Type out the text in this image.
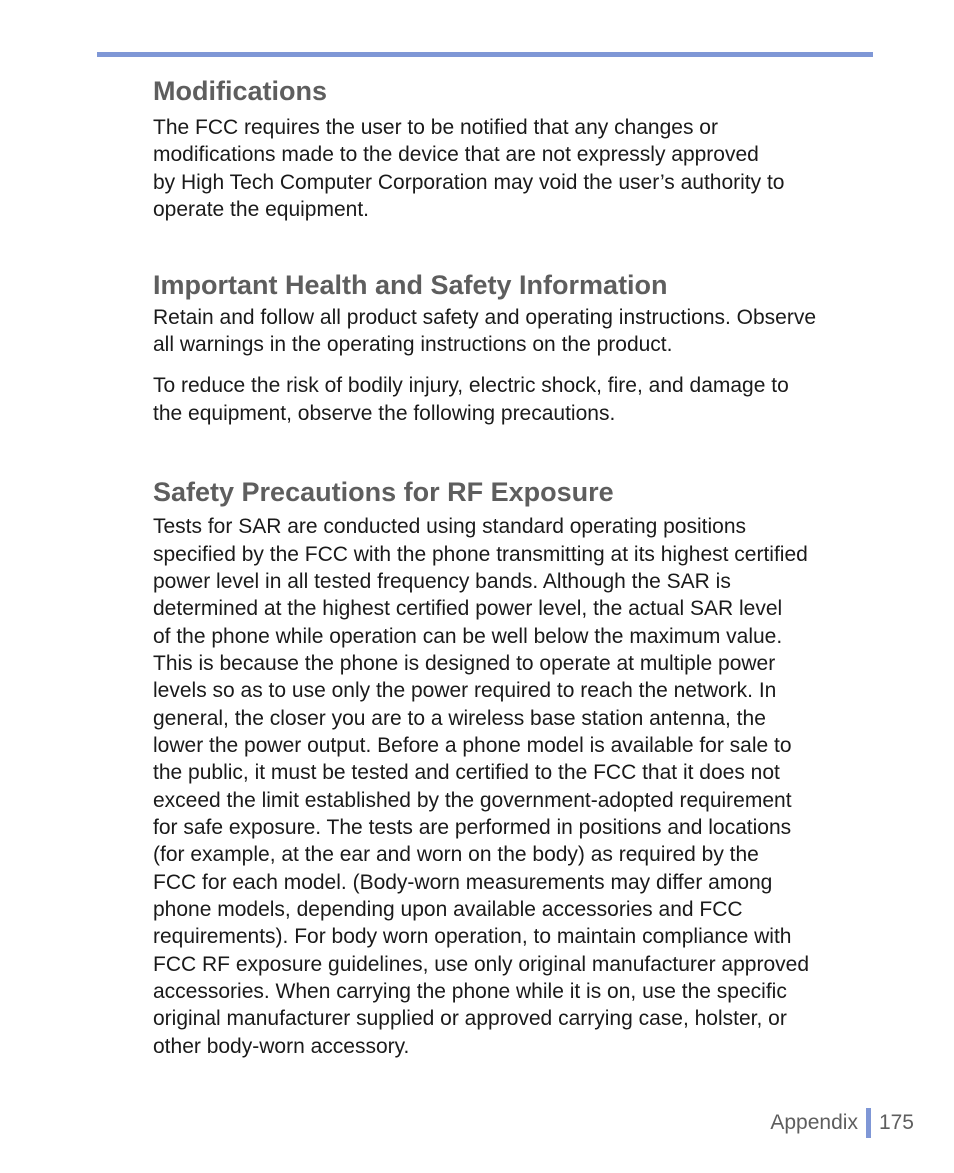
Modifications

The FCC requires the user to be notified that any changes or
modifications made to the device that are not expressly approved
by High Tech Computer Corporation may void the user’s authority to
operate the equipment.

Important Health and Safety Information

Retain and follow all product safety and operating instructions. Observe
all warnings in the operating instructions on the product.

To reduce the risk of bodily injury, electric shock, fire, and damage to
the equipment, observe the following precautions.

Safety Precautions for RF Exposure

Tests for SAR are conducted using standard operating positions
specified by the FCC with the phone transmitting at its highest certified
power level in all tested frequency bands. Although the SAR is
determined at the highest certified power level, the actual SAR level
of the phone while operation can be well below the maximum value.
This is because the phone is designed to operate at multiple power
levels so as to use only the power required to reach the network. In
general, the closer you are to a wireless base station antenna, the
lower the power output. Before a phone model is available for sale to
the public, it must be tested and certified to the FCC that it does not
exceed the limit established by the government-adopted requirement
for safe exposure. The tests are performed in positions and locations
(for example, at the ear and worn on the body) as required by the
FCC for each model. (Body-worn measurements may differ among
phone models, depending upon available accessories and FCC
requirements). For body worn operation, to maintain compliance with
FCC RF exposure guidelines, use only original manufacturer approved
accessories. When carrying the phone while it is on, use the specific
original manufacturer supplied or approved carrying case, holster, or
other body-worn accessory.

Appendix 175
